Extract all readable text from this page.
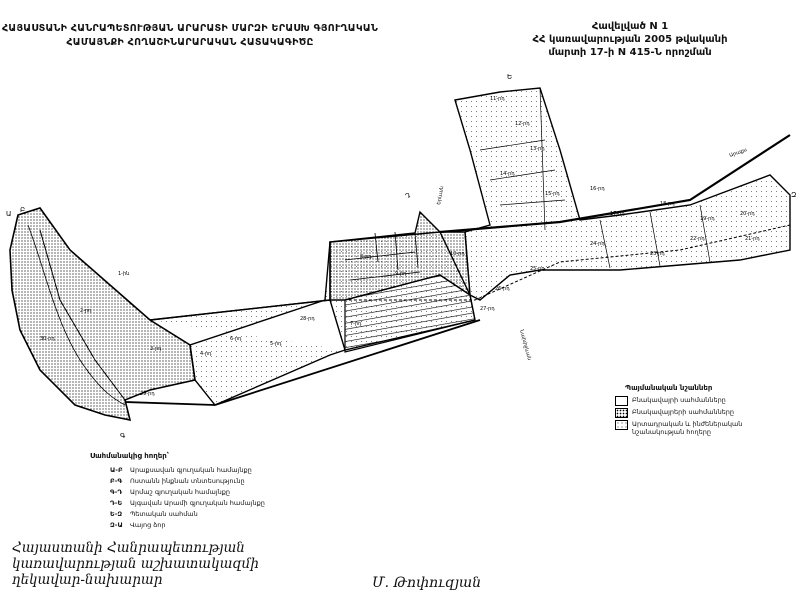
ՀԱՅԱՍՏԱՆԻ ՀԱՆՐԱՊԵՏՈՒԹՅԱՆ ԱՐԱՐԱՏԻ ՄԱՐԶԻ ԵՐԱՍԽ ԳՅՈՒՂԱԿԱՆ
ՀԱՄԱՅՆՔԻ ՀՈՂԱՇԻՆԱՐԱՐԱԿԱՆ ՀԱՏԱԿԱԳԻԾԸ
Հավելված N 1
ՀՀ կառավարության 2005 թվականի
մարտի 17-ի N 415-Ն որոշման
Երևան
Արաքս
Նախիջևան
Ա Բ
Գ
Դ
Ե
Զ
1-ին
2-րդ
3-րդ
4-րդ
5-րդ
6-րդ
7-րդ
8-րդ
9-րդ
10-րդ
11-րդ
12-րդ
13-րդ
14-րդ
15-րդ
16-րդ
17-րդ
18-րդ
19-րդ
20-րդ
21-րդ
22-րդ
23-րդ
24-րդ
25-րդ
26-րդ
27-րդ
28-րդ
29-րդ
30-րդ
Պայմանական նշաններ
Բնակավայրի սահմանները
Բնակավայրերի սահմանները
Արտադրական և ինժեներական
նշանակության հողերը
Սահմանակից հողեր՝
Ա-Բ Արաքսավան գյուղական համայնքը
Բ-Գ Ոստանն ինքնան տնտեսությունը
Գ-Դ Արմաշ գյուղական համայնքը
Դ-Ե Այգավան Արամի գյուղական համայնքը
Ե-Զ Պետական սահման
Զ-Ա Վայոց ձոր
Հայաստանի Հանրապետության
կառավարության աշխատակազմի
ղեկավար-նախարար	Մ. Թոփուզյան
